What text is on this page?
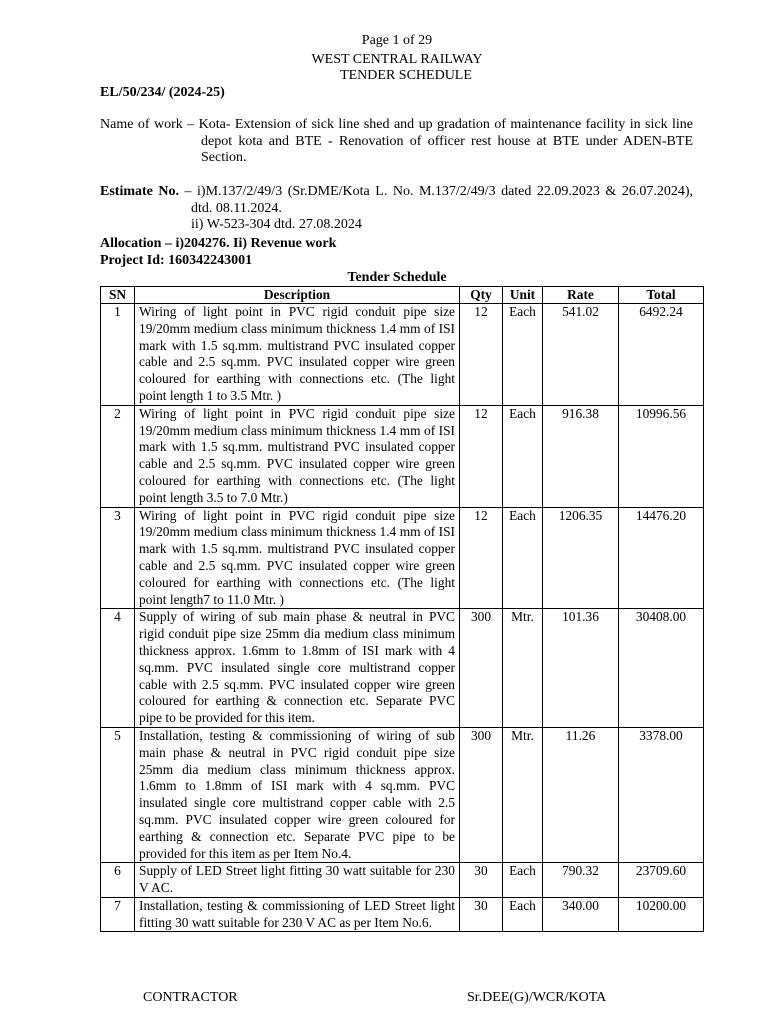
Page 1 of 29
WEST CENTRAL RAILWAY
TENDER SCHEDULE
EL/50/234/ (2024-25)
Name of work – Kota- Extension of sick line shed and up gradation of maintenance facility in sick line
depot kota and BTE - Renovation of officer rest house at BTE under ADEN-BTE Section.
Estimate No. – i)M.137/2/49/3 (Sr.DME/Kota L. No. M.137/2/49/3 dated 22.09.2023 & 26.07.2024),
dtd. 08.11.2024.
ii) W-523-304 dtd. 27.08.2024
Allocation – i)204276. Ii) Revenue work
Project Id: 160342243001
Tender Schedule
SN	Description	Qty	Unit	Rate	Total
1	Wiring of light point in PVC rigid conduit pipe size 19/20mm medium class minimum thickness 1.4 mm of ISI mark with 1.5 sq.mm. multistrand PVC insulated copper cable and 2.5 sq.mm. PVC insulated copper wire green coloured for earthing with connections etc. (The light point length 1 to 3.5 Mtr. )	12	Each	541.02	6492.24
2	Wiring of light point in PVC rigid conduit pipe size 19/20mm medium class minimum thickness 1.4 mm of ISI mark with 1.5 sq.mm. multistrand PVC insulated copper cable and 2.5 sq.mm. PVC insulated copper wire green coloured for earthing with connections etc. (The light point length 3.5 to 7.0 Mtr.)	12	Each	916.38	10996.56
3	Wiring of light point in PVC rigid conduit pipe size 19/20mm medium class minimum thickness 1.4 mm of ISI mark with 1.5 sq.mm. multistrand PVC insulated copper cable and 2.5 sq.mm. PVC insulated copper wire green coloured for earthing with connections etc. (The light point length7 to 11.0 Mtr. )	12	Each	1206.35	14476.20
4	Supply of wiring of sub main phase & neutral in PVC rigid conduit pipe size 25mm dia medium class minimum thickness approx. 1.6mm to 1.8mm of ISI mark with 4 sq.mm. PVC insulated single core multistrand copper cable with 2.5 sq.mm. PVC insulated copper wire green coloured for earthing & connection etc. Separate PVC pipe to be provided for this item.	300	Mtr.	101.36	30408.00
5	Installation, testing & commissioning of wiring of sub main phase & neutral in PVC rigid conduit pipe size 25mm dia medium class minimum thickness approx. 1.6mm to 1.8mm of ISI mark with 4 sq.mm. PVC insulated single core multistrand copper cable with 2.5 sq.mm. PVC insulated copper wire green coloured for earthing & connection etc. Separate PVC pipe to be provided for this item as per Item No.4.	300	Mtr.	11.26	3378.00
6	Supply of LED Street light fitting 30 watt suitable for 230 V AC.	30	Each	790.32	23709.60
7	Installation, testing & commissioning of LED Street light fitting 30 watt suitable for 230 V AC as per Item No.6.	30	Each	340.00	10200.00
CONTRACTOR	Sr.DEE(G)/WCR/KOTA
